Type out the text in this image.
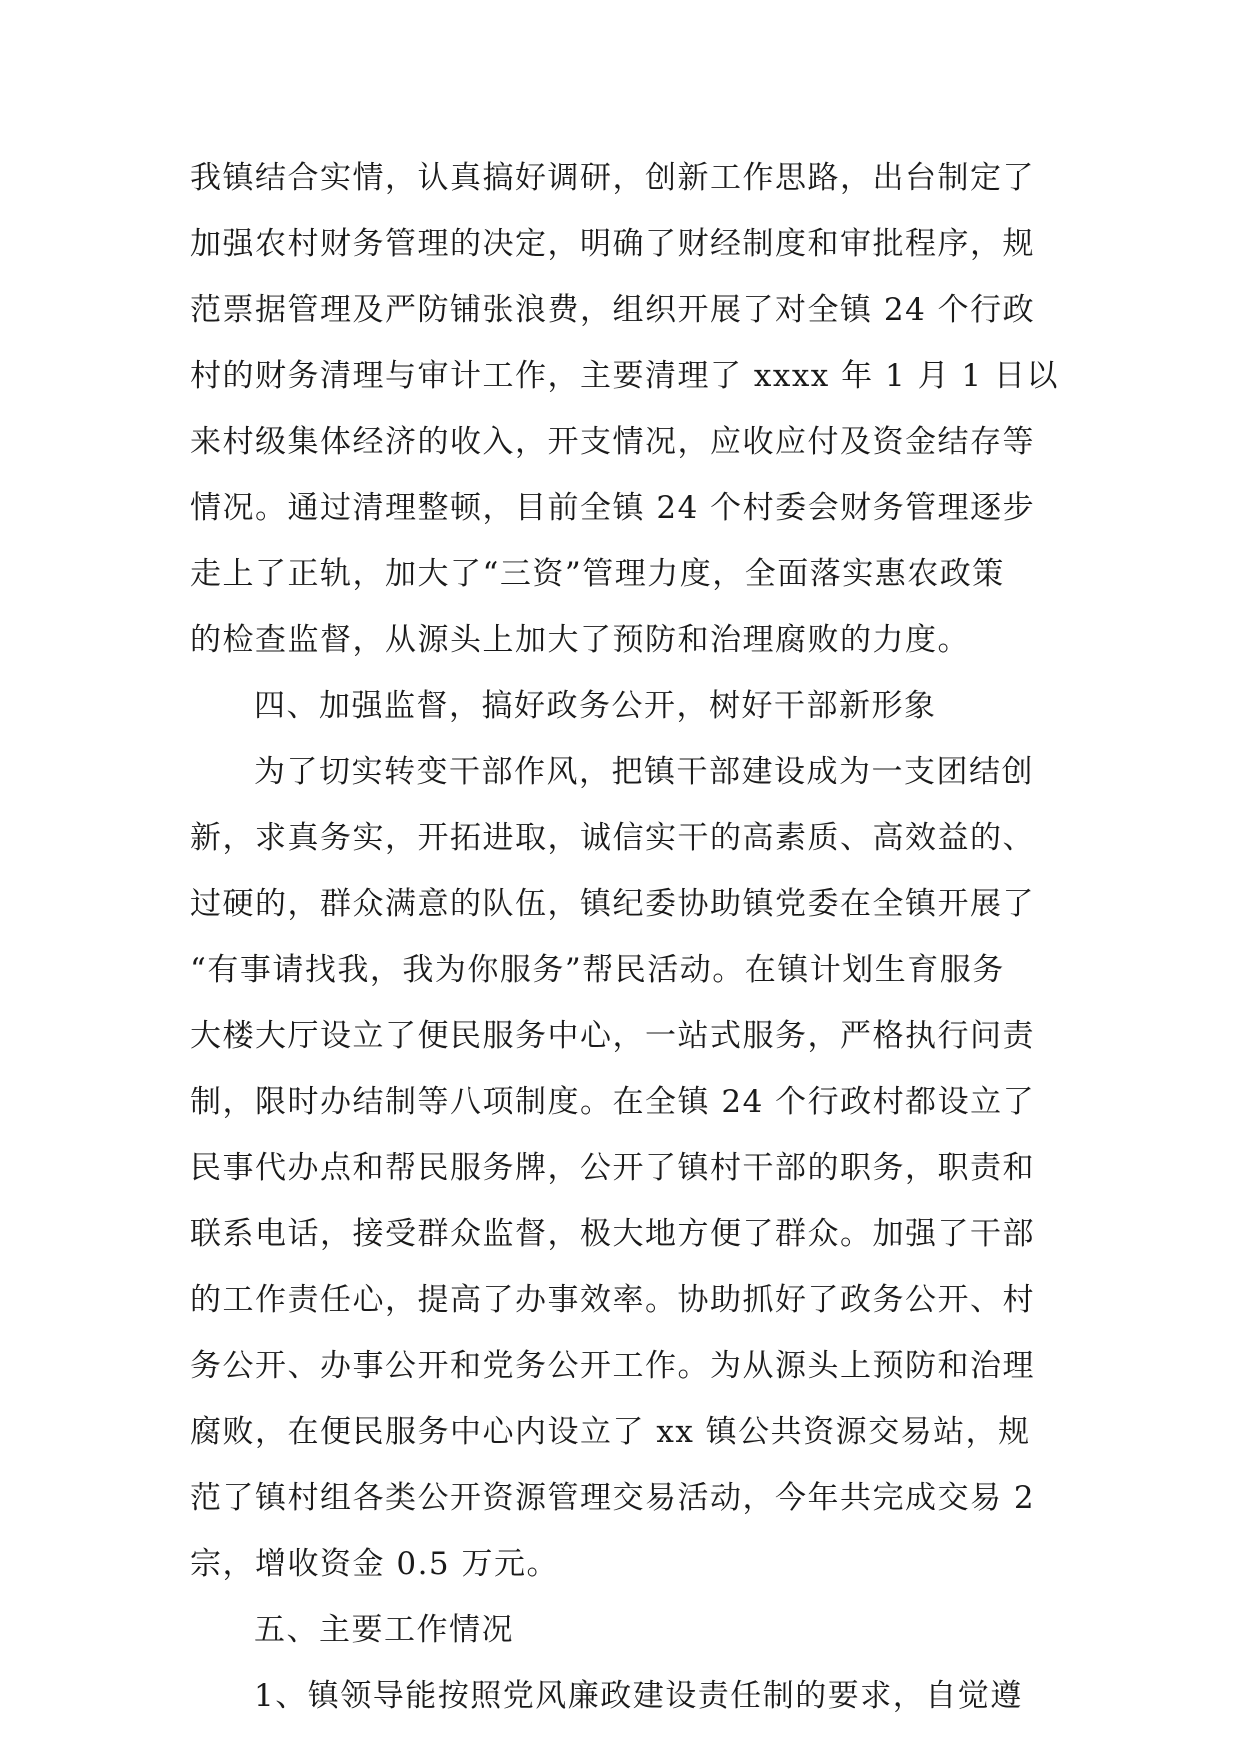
我镇结合实情，认真搞好调研，创新工作思路，出台制定了
加强农村财务管理的决定，明确了财经制度和审批程序，规
范票据管理及严防铺张浪费，组织开展了对全镇 24 个行政
村的财务清理与审计工作，主要清理了 xxxx 年 1 月 1 日以
来村级集体经济的收入，开支情况，应收应付及资金结存等
情况。通过清理整顿，目前全镇 24 个村委会财务管理逐步
走上了正轨，加大了“三资”管理力度，全面落实惠农政策
的检查监督，从源头上加大了预防和治理腐败的力度。
四、加强监督，搞好政务公开，树好干部新形象
为了切实转变干部作风，把镇干部建设成为一支团结创
新，求真务实，开拓进取，诚信实干的高素质、高效益的、
过硬的，群众满意的队伍，镇纪委协助镇党委在全镇开展了
“有事请找我，我为你服务”帮民活动。在镇计划生育服务
大楼大厅设立了便民服务中心，一站式服务，严格执行问责
制，限时办结制等八项制度。在全镇 24 个行政村都设立了
民事代办点和帮民服务牌，公开了镇村干部的职务，职责和
联系电话，接受群众监督，极大地方便了群众。加强了干部
的工作责任心，提高了办事效率。协助抓好了政务公开、村
务公开、办事公开和党务公开工作。为从源头上预防和治理
腐败，在便民服务中心内设立了 xx 镇公共资源交易站，规
范了镇村组各类公开资源管理交易活动，今年共完成交易 2
宗，增收资金 0.5 万元。
五、主要工作情况
1、镇领导能按照党风廉政建设责任制的要求，自觉遵
